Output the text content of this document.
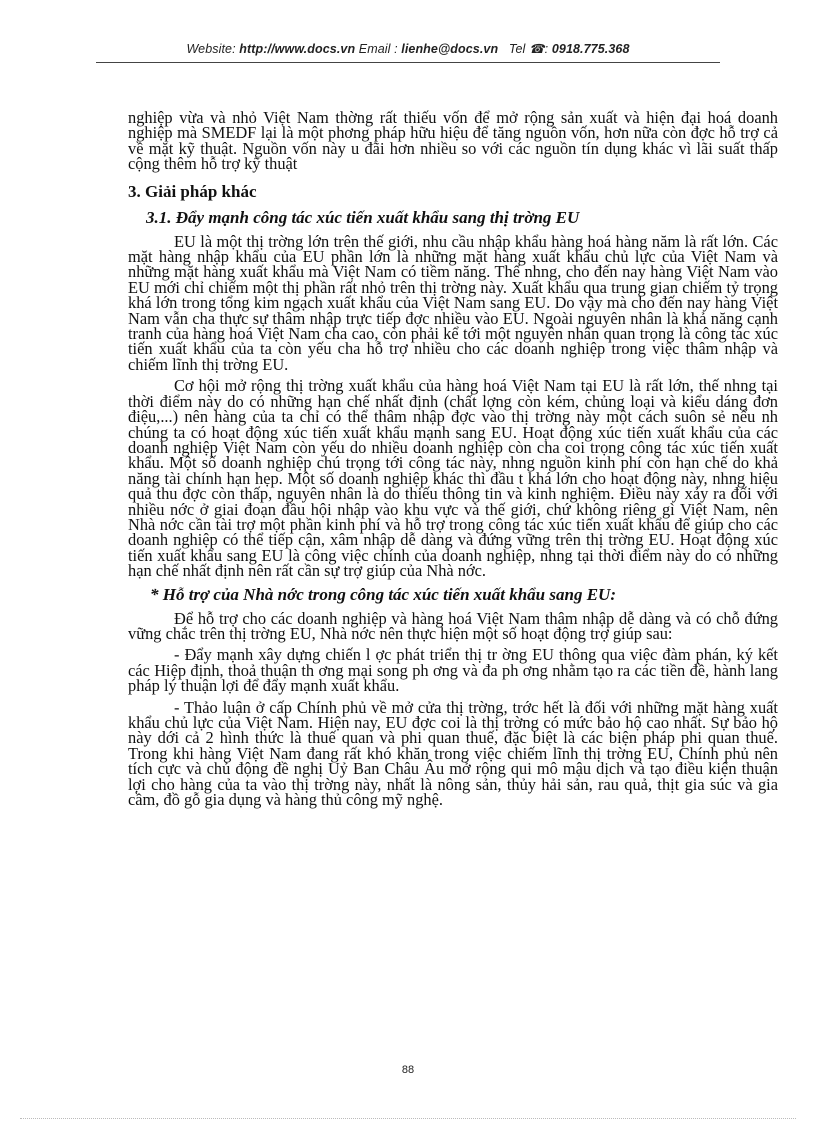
Website: http://www.docs.vn Email : lienhe@docs.vn Tel ☎: 0918.775.368

nghiệp vừa và nhỏ Việt Nam thờng rất thiếu vốn để mở rộng sản xuất và hiện đại hoá doanh nghiệp mà SMEDF lại là một phơng pháp hữu hiệu để tăng nguồn vốn, hơn nữa còn đợc hỗ trợ cả về mặt kỹ thuật. Nguồn vốn này u đãi hơn nhiều so với các nguồn tín dụng khác vì lãi suất thấp cộng thêm hỗ trợ kỹ thuật

3. Giải pháp khác
3.1. Đẩy mạnh công tác xúc tiến xuất khẩu sang thị trờng EU

EU là một thị trờng lớn trên thế giới, nhu cầu nhập khẩu hàng hoá hàng năm là rất lớn. Các mặt hàng nhập khẩu của EU phần lớn là những mặt hàng xuất khẩu chủ lực của Việt Nam và những mặt hàng xuất khẩu mà Việt Nam có tiềm năng. Thế nhng, cho đến nay hàng Việt Nam vào EU mới chỉ chiếm một thị phần rất nhỏ trên thị trờng này. Xuất khẩu qua trung gian chiếm tỷ trọng khá lớn trong tổng kim ngạch xuất khẩu của Việt Nam sang EU. Do vậy mà cho đến nay hàng Việt Nam vẫn cha thực sự thâm nhập trực tiếp đợc nhiều vào EU. Ngoài nguyên nhân là khả năng cạnh tranh của hàng hoá Việt Nam cha cao, còn phải kể tới một nguyên nhân quan trọng là công tác xúc tiến xuất khẩu của ta còn yếu cha hỗ trợ nhiều cho các doanh nghiệp trong việc thâm nhập và chiếm lĩnh thị trờng EU.

Cơ hội mở rộng thị trờng xuất khẩu của hàng hoá Việt Nam tại EU là rất lớn, thế nhng tại thời điểm này do có những hạn chế nhất định (chất lợng còn kém, chủng loại và kiểu dáng đơn điệu,...) nên hàng của ta chỉ có thể thâm nhập đợc vào thị trờng này một cách suôn sẻ nếu nh chúng ta có hoạt động xúc tiến xuất khẩu mạnh sang EU. Hoạt động xúc tiến xuất khẩu của các doanh nghiệp Việt Nam còn yếu do nhiều doanh nghiệp còn cha coi trọng công tác xúc tiến xuất khẩu. Một số doanh nghiệp chú trọng tới công tác này, nhng nguồn kinh phí còn hạn chế do khả năng tài chính hạn hẹp. Một số doanh nghiệp khác thì đầu t khá lớn cho hoạt động này, nhng hiệu quả thu đợc còn thấp, nguyên nhân là do thiếu thông tin và kinh nghiệm. Điều này xảy ra đối với nhiều nớc ở giai đoạn đầu hội nhập vào khu vực và thế giới, chứ không riêng gì Việt Nam, nên Nhà nớc cần tài trợ một phần kinh phí và hỗ trợ trong công tác xúc tiến xuất khẩu để giúp cho các doanh nghiệp có thể tiếp cận, xâm nhập dễ dàng và đứng vững trên thị trờng EU. Hoạt động xúc tiến xuất khẩu sang EU là công việc chính của doanh nghiệp, nhng tại thời điểm này do có những hạn chế nhất định nên rất cần sự trợ giúp của Nhà nớc.

* Hỗ trợ của Nhà nớc trong công tác xúc tiến xuất khẩu sang EU:

Để hỗ trợ cho các doanh nghiệp và hàng hoá Việt Nam thâm nhập dễ dàng và có chỗ đứng vững chắc trên thị trờng EU, Nhà nớc nên thực hiện một số hoạt động trợ giúp sau:

- Đẩy mạnh xây dựng chiến l ợc phát triển thị tr ờng EU thông qua việc đàm phán, ký kết các Hiệp định, thoả thuận th ơng mại song ph ơng và đa ph ơng nhằm tạo ra các tiền đề, hành lang pháp lý thuận lợi để đẩy mạnh xuất khẩu.

- Thảo luận ở cấp Chính phủ về mở cửa thị trờng, trớc hết là đối với những mặt hàng xuất khẩu chủ lực của Việt Nam. Hiện nay, EU đợc coi là thị trờng có mức bảo hộ cao nhất. Sự bảo hộ này dới cả 2 hình thức là thuế quan và phi quan thuế, đặc biệt là các biện pháp phi quan thuế. Trong khi hàng Việt Nam đang rất khó khăn trong việc chiếm lĩnh thị trờng EU, Chính phủ nên tích cực và chủ động đề nghị Uỷ Ban Châu Âu mở rộng qui mô mậu dịch và tạo điều kiện thuận lợi cho hàng của ta vào thị trờng này, nhất là nông sản, thủy hải sản, rau quả, thịt gia súc và gia cầm, đồ gỗ gia dụng và hàng thủ công mỹ nghệ.

88
